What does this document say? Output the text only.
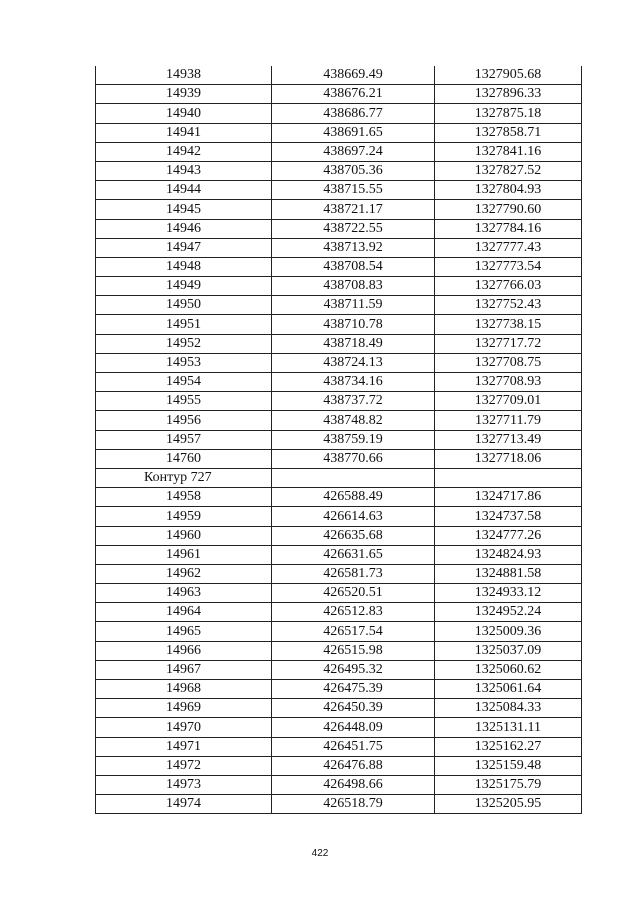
14938	438669.49	1327905.68
14939	438676.21	1327896.33
14940	438686.77	1327875.18
14941	438691.65	1327858.71
14942	438697.24	1327841.16
14943	438705.36	1327827.52
14944	438715.55	1327804.93
14945	438721.17	1327790.60
14946	438722.55	1327784.16
14947	438713.92	1327777.43
14948	438708.54	1327773.54
14949	438708.83	1327766.03
14950	438711.59	1327752.43
14951	438710.78	1327738.15
14952	438718.49	1327717.72
14953	438724.13	1327708.75
14954	438734.16	1327708.93
14955	438737.72	1327709.01
14956	438748.82	1327711.79
14957	438759.19	1327713.49
14760	438770.66	1327718.06
Контур 727		
14958	426588.49	1324717.86
14959	426614.63	1324737.58
14960	426635.68	1324777.26
14961	426631.65	1324824.93
14962	426581.73	1324881.58
14963	426520.51	1324933.12
14964	426512.83	1324952.24
14965	426517.54	1325009.36
14966	426515.98	1325037.09
14967	426495.32	1325060.62
14968	426475.39	1325061.64
14969	426450.39	1325084.33
14970	426448.09	1325131.11
14971	426451.75	1325162.27
14972	426476.88	1325159.48
14973	426498.66	1325175.79
14974	426518.79	1325205.95
422
